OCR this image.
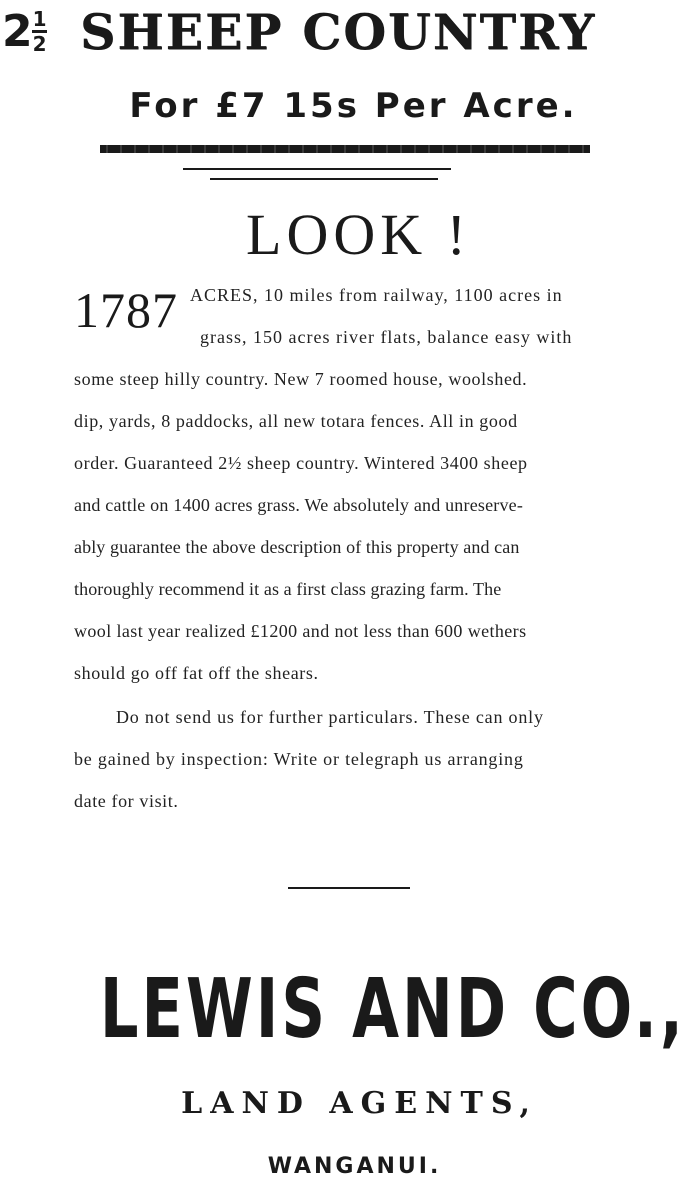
$2 \frac{1}{2}$ SHEEP COUNTRY
For £7 15s Per Acre.
LOOK !
1787 ACRES, 10 miles from railway, 1100 acres in
grass, 150 acres river flats, balance easy with
some steep hilly country. New 7 roomed house, woolshed.
dip, yards, 8 paddocks, all new totara fences. All in good
order. Guaranteed 2½ sheep country. Wintered 3400 sheep
and cattle on 1400 acres grass. We absolutely and unreserve-
ably guarantee the above description of this property and can
thoroughly recommend it as a first class grazing farm. The
wool last year realized £1200 and not less than 600 wethers
should go off fat off the shears.
Do not send us for further particulars. These can only
be gained by inspection: Write or telegraph us arranging
date for visit.
LEWIS AND CO.,
LAND AGENTS,
WANGANUI.
